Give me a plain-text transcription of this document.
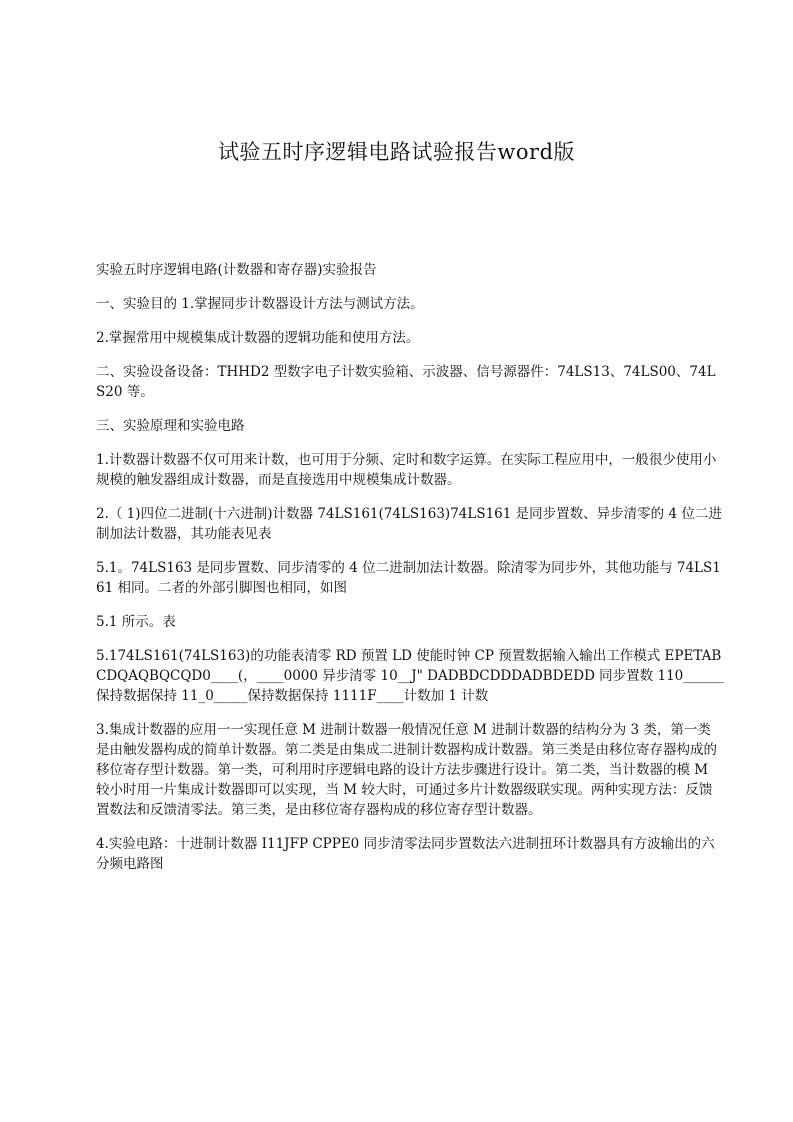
试验五时序逻辑电路试验报告word版

实验五时序逻辑电路(计数器和寄存器)实验报告

一、实验目的 1.掌握同步计数器设计方法与测试方法。

2.掌握常用中规模集成计数器的逻辑功能和使用方法。

二、实验设备设备：THHD2 型数字电子计数实验箱、示波器、信号源器件：74LS13、74LS00、74LS20 等。

三、实验原理和实验电路

1.计数器计数器不仅可用来计数，也可用于分频、定时和数字运算。在实际工程应用中，一般很少使用小规模的触发器组成计数器，而是直接选用中规模集成计数器。

2.（ 1)四位二进制(十六进制)计数器 74LS161(74LS163)74LS161 是同步置数、异步清零的 4 位二进制加法计数器，其功能表见表

5.1。74LS163 是同步置数、同步清零的 4 位二进制加法计数器。除清零为同步外，其他功能与 74LS161 相同。二者的外部引脚图也相同，如图

5.1 所示。表

5.174LS161(74LS163)的功能表清零 RD 预置 LD 使能时钟 CP 预置数据输入输出工作模式 EPETABCDQAQBQCQD0____(，____0000 异步清零 10__J" DADBDCDDDADBDEDD 同步置数 110______保持数据保持 11_0_____保持数据保持 1111F____计数加 1 计数

3.集成计数器的应用一一实现任意 M 进制计数器一般情况任意 M 进制计数器的结构分为 3 类，第一类是由触发器构成的简单计数器。第二类是由集成二进制计数器构成计数器。第三类是由移位寄存器构成的移位寄存型计数器。第一类，可利用时序逻辑电路的设计方法步骤进行设计。第二类，当计数器的模 M 较小时用一片集成计数器即可以实现，当 M 较大时，可通过多片计数器级联实现。两种实现方法：反馈置数法和反馈清零法。第三类，是由移位寄存器构成的移位寄存型计数器。

4.实验电路：十进制计数器 I11JFP CPPE0 同步清零法同步置数法六进制扭环计数器具有方波输出的六分频电路图
